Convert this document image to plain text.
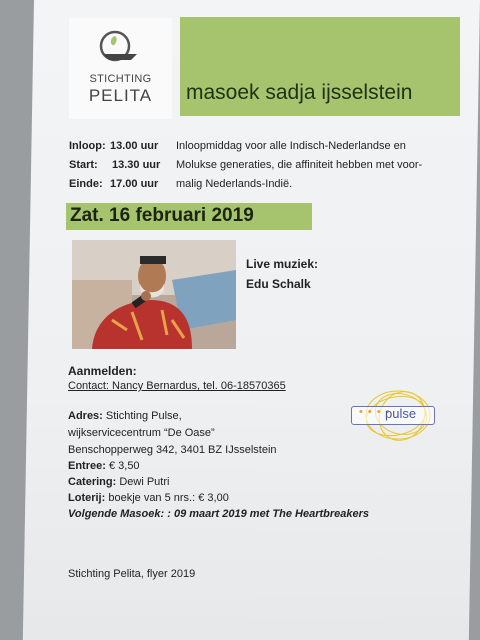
STICHTING
PELITA	masoek sadja ijsselstein
Inloop:
Start:
Einde:
13.00 uur
13.30 uur
17.00 uur
Inloopmiddag voor alle Indisch-Nederlandse en
Molukse generaties, die affiniteit hebben met voor-
malig Nederlands-Indië.
Zat. 16 februari 2019
Live muziek:
Edu Schalk
Aanmelden:
Contact: Nancy Bernardus, tel. 06-18570365
Adres: Stichting Pulse,
wijkservicecentrum “De Oase”
Benschopperweg 342, 3401 BZ IJsselstein
Entree: € 3,50
Catering: Dewi Putri
Loterij: boekje van 5 nrs.: € 3,00
Volgende Masoek: : 09 maart 2019 met The Heartbreakers
• • • •
pulse
Stichting Pelita, flyer 2019
